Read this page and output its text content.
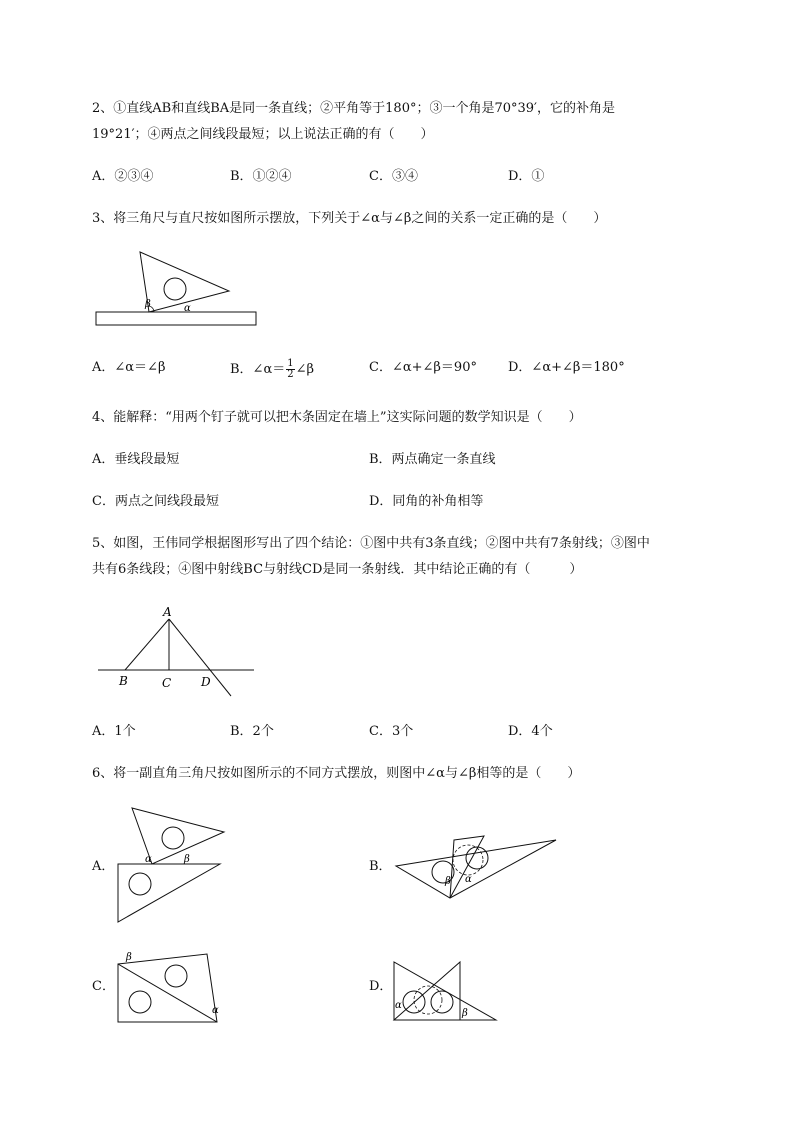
2、①直线AB和直线BA是同一条直线；②平角等于180°；③一个角是70°39′，它的补角是
19°21′；④两点之间线段最短；以上说法正确的有（　　）
A．②③④	B．①②④	C．③④	D．①
3、将三角尺与直尺按如图所示摆放，下列关于∠α与∠β之间的关系一定正确的是（　　）
β	α
A．∠α＝∠β	B．∠α＝ $\frac{1}{2}$ ∠β	C．∠α+∠β＝90° D．∠α+∠β＝180°
4、能解释：“用两个钉子就可以把木条固定在墙上”这实际问题的数学知识是（　　）
A．垂线段最短	B．两点确定一条直线
C．两点之间线段最短	D．同角的补角相等
5、如图，王伟同学根据图形写出了四个结论：①图中共有3条直线；②图中共有7条射线；③图中
共有6条线段；④图中射线BC与射线CD是同一条射线．其中结论正确的有（　　　）
A
B	C D
A．1个	B．2个	C．3个	D．4个
6、将一副直角三角尺按如图所示的不同方式摆放，则图中∠α与∠β相等的是（　　）
A．	α	β	B．
β α
C．
β
α
D．
α
β
